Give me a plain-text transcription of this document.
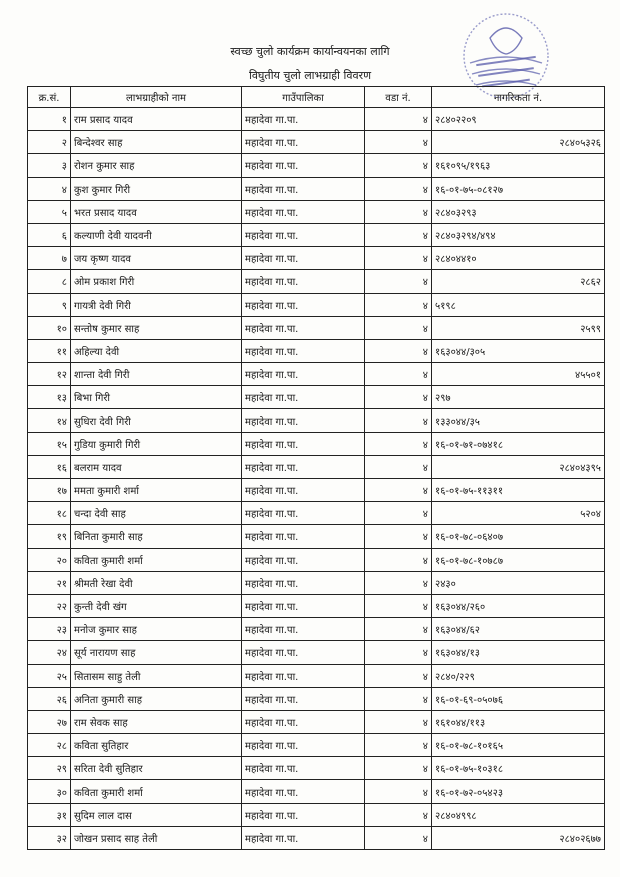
स्वच्छ चुलो कार्यक्रम कार्यान्वयनका लागि
विघुतीय चुलो लाभग्राही विवरण
क्र.सं.	लाभग्राहीको नाम	गाउँपालिका	वडा नं.	नागरिकता नं.
१	राम प्रसाद यादव	महादेवा गा.पा.	४	२८४०२२०९
२	बिन्देश्वर साह	महादेवा गा.पा.	४	२८४०५३२६
३	रोशन कुमार साह	महादेवा गा.पा.	४	१६१०९५/१९६३
४	कुश कुमार गिरी	महादेवा गा.पा.	४	१६-०१-७५-०८१२७
५	भरत प्रसाद यादव	महादेवा गा.पा.	४	२८४०३२९३
६	कल्याणी देवी यादवनी	महादेवा गा.पा.	४	२८४०३२९४/४९४
७	जय कृष्ण यादव	महादेवा गा.पा.	४	२८४०४४१०
८	ओम प्रकाश गिरी	महादेवा गा.पा.	४	२८६२
९	गायत्री देवी गिरी	महादेवा गा.पा.	४	५१९८
१०	सन्तोष कुमार साह	महादेवा गा.पा.	४	२५९९
११	अहिल्या देवी	महादेवा गा.पा.	४	१६३०४४/३०५
१२	शान्ता देवी गिरी	महादेवा गा.पा.	४	४५५०१
१३	बिभा गिरी	महादेवा गा.पा.	४	२९७
१४	सुधिरा देवी गिरी	महादेवा गा.पा.	४	१३३०४४/३५
१५	गुडिया कुमारी गिरी	महादेवा गा.पा.	४	१६-०१-७१-०७४१८
१६	बलराम यादव	महादेवा गा.पा.	४	२८४०४३९५
१७	ममता कुमारी शर्मा	महादेवा गा.पा.	४	१६-०१-७५-११३११
१८	चन्दा देवी साह	महादेवा गा.पा.	४	५२०४
१९	बिनिता कुमारी साह	महादेवा गा.पा.	४	१६-०१-७८-०६४०७
२०	कविता कुमारी शर्मा	महादेवा गा.पा.	४	१६-०१-७८-१०७८७
२१	श्रीमती रेखा देवी	महादेवा गा.पा.	४	२४३०
२२	कुन्ती देवी खंग	महादेवा गा.पा.	४	१६३०४४/२६०
२३	मनोज कुमार साह	महादेवा गा.पा.	४	१६३०४४/६२
२४	सूर्य नारायण साह	महादेवा गा.पा.	४	१६३०४४/१३
२५	सितासम साहु तेली	महादेवा गा.पा.	४	२८४०/२२९
२६	अनिता कुमारी साह	महादेवा गा.पा.	४	१६-०१-६९-०५०७६
२७	राम सेवक साह	महादेवा गा.पा.	४	१६१०४४/११३
२८	कविता सुतिहार	महादेवा गा.पा.	४	१६-०१-७८-१०१६५
२९	सरिता देवी सुतिहार	महादेवा गा.पा.	४	१६-०१-७५-१०३१८
३०	कविता कुमारी शर्मा	महादेवा गा.पा.	४	१६-०१-७२-०५४२३
३१	सुदिम लाल दास	महादेवा गा.पा.	४	२८४०४९९८
३२	जोखन प्रसाद साह तेली	महादेवा गा.पा.	४	२८४०२६७७
